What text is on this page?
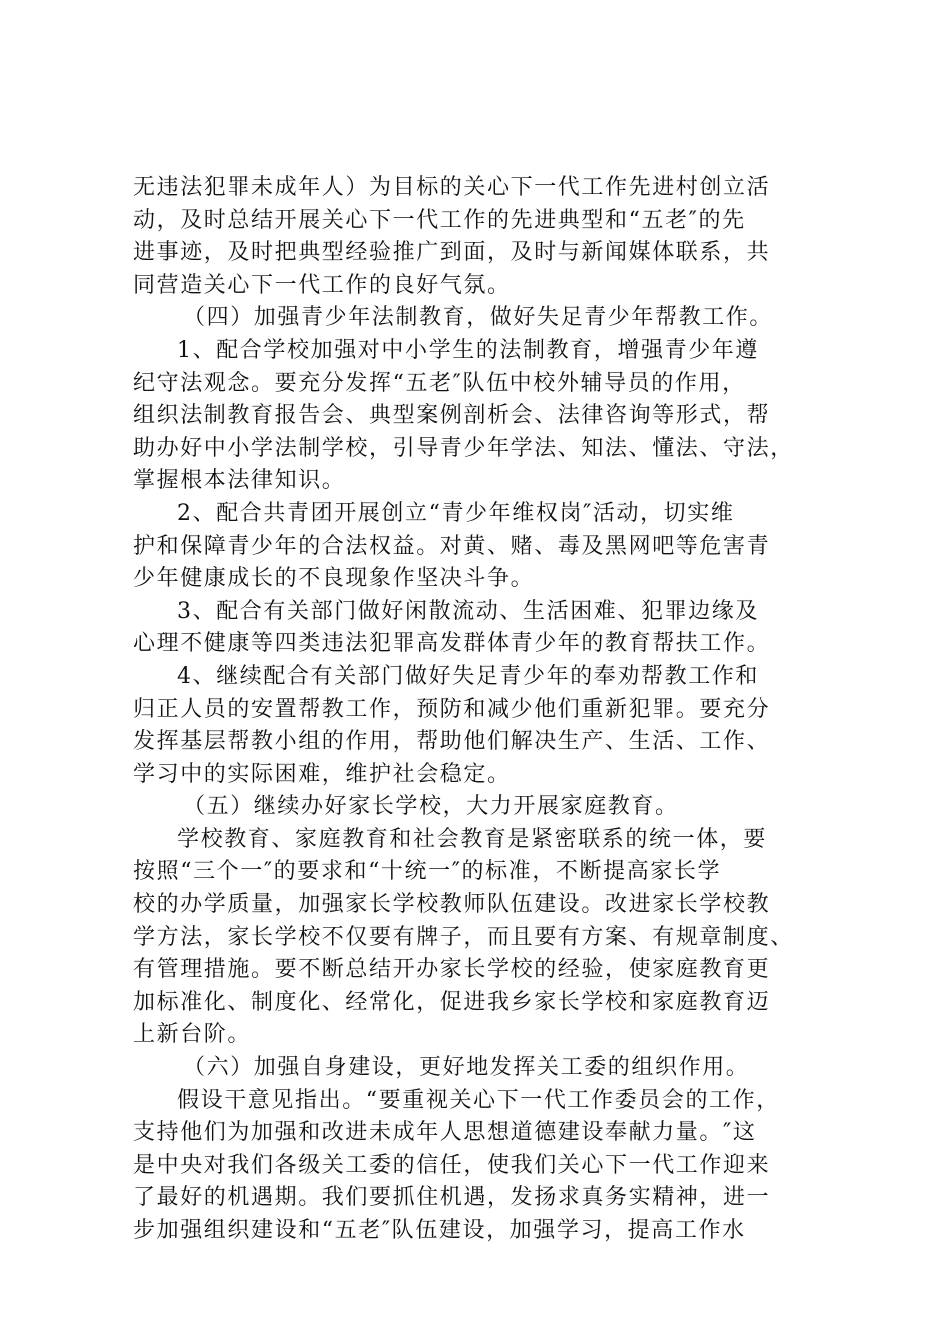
无违法犯罪未成年人）为目标的关心下一代工作先进村创立活
动，及时总结开展关心下一代工作的先进典型和“五老″的先
进事迹，及时把典型经验推广到面，及时与新闻媒体联系，共
同营造关心下一代工作的良好气氛。
（四）加强青少年法制教育，做好失足青少年帮教工作。
1、配合学校加强对中小学生的法制教育，增强青少年遵
纪守法观念。要充分发挥“五老″队伍中校外辅导员的作用，
组织法制教育报告会、典型案例剖析会、法律咨询等形式，帮
助办好中小学法制学校，引导青少年学法、知法、懂法、守法，
掌握根本法律知识。
2、配合共青团开展创立“青少年维权岗″活动，切实维
护和保障青少年的合法权益。对黄、赌、毒及黑网吧等危害青
少年健康成长的不良现象作坚决斗争。
3、配合有关部门做好闲散流动、生活困难、犯罪边缘及
心理不健康等四类违法犯罪高发群体青少年的教育帮扶工作。
4、继续配合有关部门做好失足青少年的奉劝帮教工作和
归正人员的安置帮教工作，预防和减少他们重新犯罪。要充分
发挥基层帮教小组的作用，帮助他们解决生产、生活、工作、
学习中的实际困难，维护社会稳定。
（五）继续办好家长学校，大力开展家庭教育。
学校教育、家庭教育和社会教育是紧密联系的统一体，要
按照“三个一″的要求和“十统一″的标准，不断提高家长学
校的办学质量，加强家长学校教师队伍建设。改进家长学校教
学方法，家长学校不仅要有牌子，而且要有方案、有规章制度、
有管理措施。要不断总结开办家长学校的经验，使家庭教育更
加标准化、制度化、经常化，促进我乡家长学校和家庭教育迈
上新台阶。
（六）加强自身建设，更好地发挥关工委的组织作用。
假设干意见指出。“要重视关心下一代工作委员会的工作，
支持他们为加强和改进未成年人思想道德建设奉献力量。″这
是中央对我们各级关工委的信任，使我们关心下一代工作迎来
了最好的机遇期。我们要抓住机遇，发扬求真务实精神，进一
步加强组织建设和“五老″队伍建设，加强学习，提高工作水
